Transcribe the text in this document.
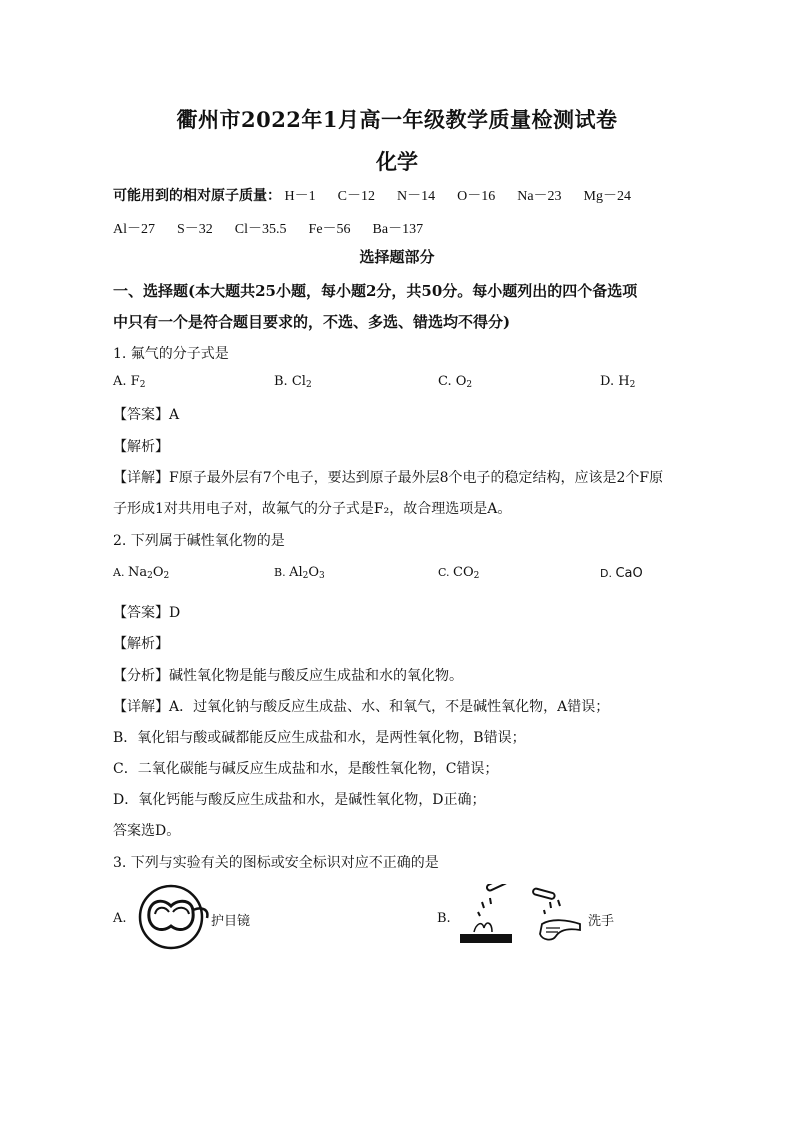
衢州市2022年1月高一年级教学质量检测试卷
化学
可能用到的相对原子质量： H－1 C－12 N－14 O－16 Na－23 Mg－24
Al－27 S－32 Cl－35.5 Fe－56 Ba－137
选择题部分
一、选择题(本大题共25小题，每小题2分，共50分。每小题列出的四个备选项
中只有一个是符合题目要求的，不选、多选、错选均不得分)
1. 氟气的分子式是
A. $F_2$	B. $Cl_2$	C. $O_2$	D. $H_2$
【答案】A
【解析】
【详解】F原子最外层有7个电子，要达到原子最外层8个电子的稳定结构，应该是2个F原
子形成1对共用电子对，故氟气的分子式是F₂，故合理选项是A。
2. 下列属于碱性氧化物的是
A. $Na_2O_2$	B. $Al_2O_3$	C. $CO_2$	D. CaO
【答案】D
【解析】
【分析】碱性氧化物是能与酸反应生成盐和水的氧化物。
【详解】A．过氧化钠与酸反应生成盐、水、和氧气，不是碱性氧化物，A错误；
B．氧化铝与酸或碱都能反应生成盐和水，是两性氧化物，B错误；
C．二氧化碳能与碱反应生成盐和水，是酸性氧化物，C错误；
D．氧化钙能与酸反应生成盐和水，是碱性氧化物，D正确；
答案选D。
3. 下列与实验有关的图标或安全标识对应不正确的是
A.	护目镜	B.	洗手
